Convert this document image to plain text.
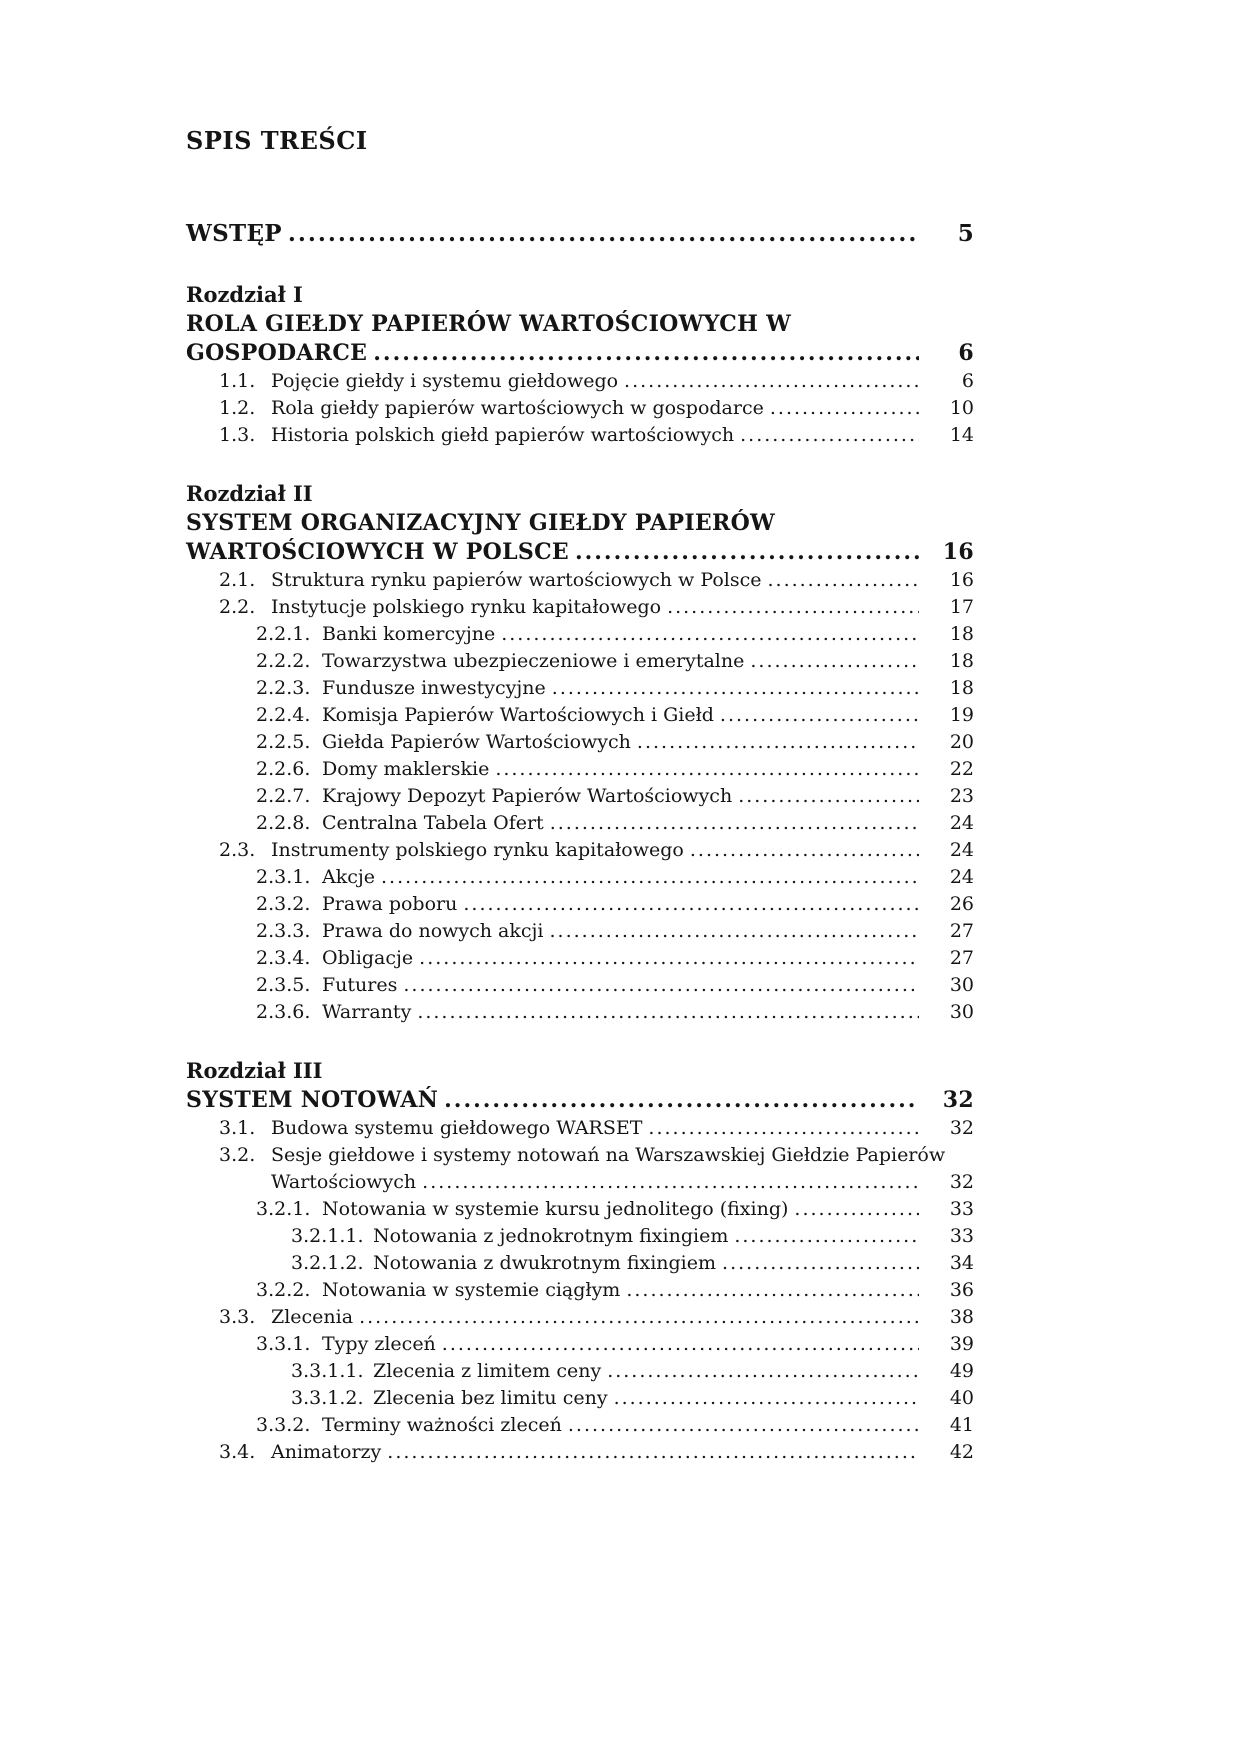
SPIS TREŚCI
WSTĘP .....	5
Rozdział I
ROLA GIEŁDY PAPIERÓW WARTOŚCIOWYCH W
GOSPODARCE .....	6
1.1. Pojęcie giełdy i systemu giełdowego .....	6
1.2. Rola giełdy papierów wartościowych w gospodarce .....	10
1.3. Historia polskich giełd papierów wartościowych .....	14
Rozdział II
SYSTEM ORGANIZACYJNY GIEŁDY PAPIERÓW
WARTOŚCIOWYCH W POLSCE .....	16
2.1. Struktura rynku papierów wartościowych w Polsce .....	16
2.2. Instytucje polskiego rynku kapitałowego .....	17
2.2.1. Banki komercyjne .....	18
2.2.2. Towarzystwa ubezpieczeniowe i emerytalne .....	18
2.2.3. Fundusze inwestycyjne .....	18
2.2.4. Komisja Papierów Wartościowych i Giełd .....	19
2.2.5. Giełda Papierów Wartościowych .....	20
2.2.6. Domy maklerskie .....	22
2.2.7. Krajowy Depozyt Papierów Wartościowych .....	23
2.2.8. Centralna Tabela Ofert .....	24
2.3. Instrumenty polskiego rynku kapitałowego .....	24
2.3.1. Akcje .....	24
2.3.2. Prawa poboru .....	26
2.3.3. Prawa do nowych akcji .....	27
2.3.4. Obligacje .....	27
2.3.5. Futures .....	30
2.3.6. Warranty .....	30
Rozdział III
SYSTEM NOTOWAŃ .....	32
3.1. Budowa systemu giełdowego WARSET .....	32
3.2. Sesje giełdowe i systemy notowań na Warszawskiej Giełdzie Papierów
Wartościowych .....	32
3.2.1. Notowania w systemie kursu jednolitego (fixing) .....	33
3.2.1.1. Notowania z jednokrotnym fixingiem .....	33
3.2.1.2. Notowania z dwukrotnym fixingiem .....	34
3.2.2. Notowania w systemie ciągłym .....	36
3.3. Zlecenia .....	38
3.3.1. Typy zleceń .....	39
3.3.1.1. Zlecenia z limitem ceny .....	49
3.3.1.2. Zlecenia bez limitu ceny .....	40
3.3.2. Terminy ważności zleceń .....	41
3.4. Animatorzy .....	42
